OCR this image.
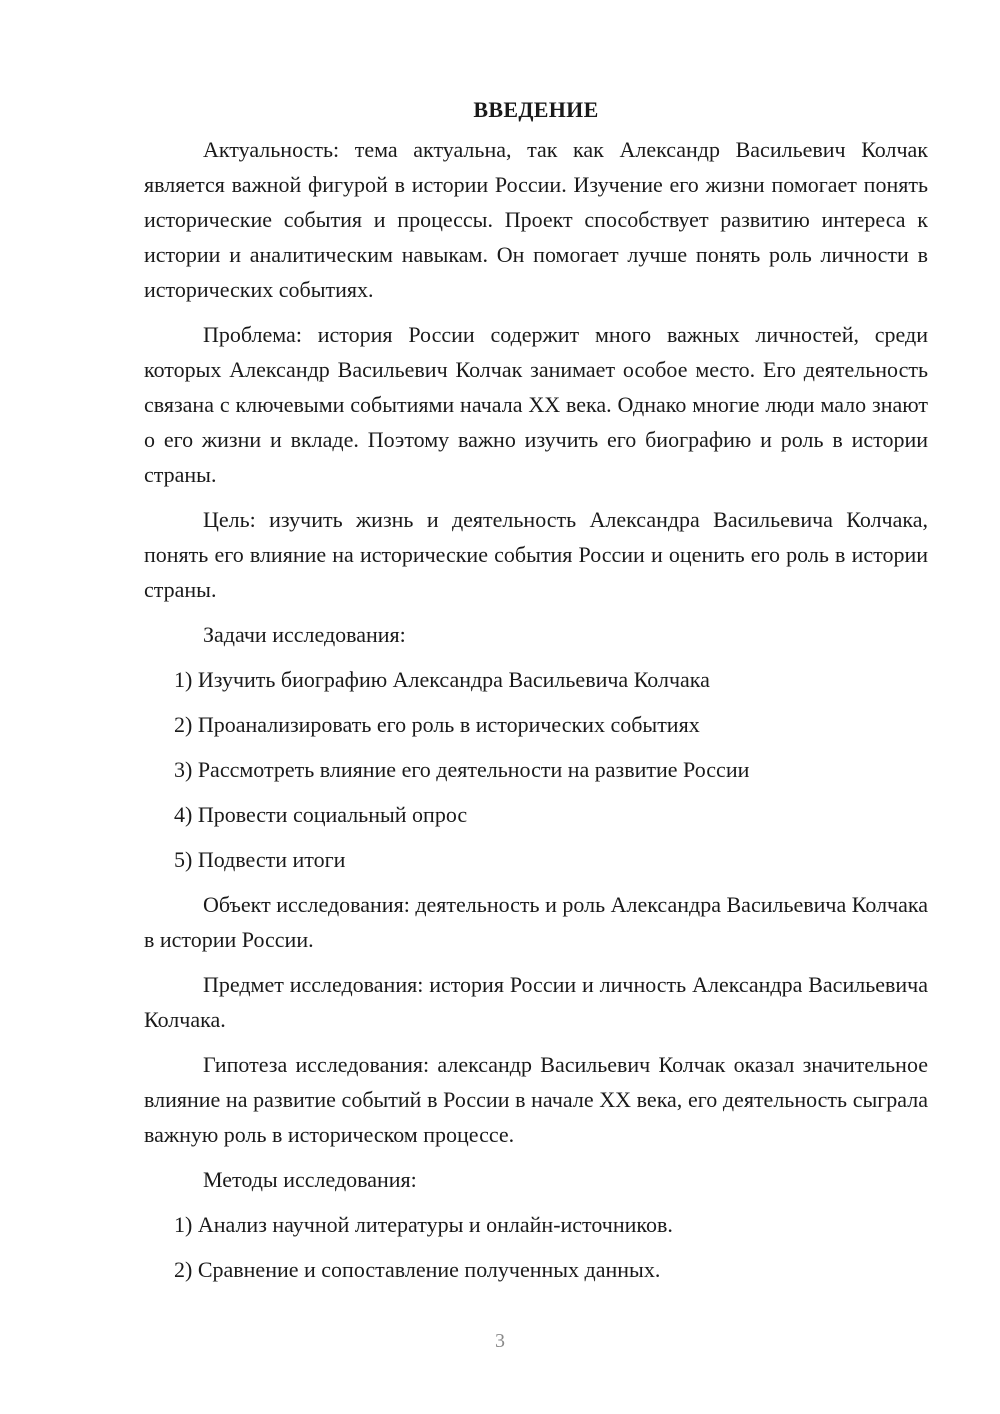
ВВЕДЕНИЕ

Актуальность: тема актуальна, так как Александр Васильевич Колчак является важной фигурой в истории России. Изучение его жизни помогает понять исторические события и процессы. Проект способствует развитию интереса к истории и аналитическим навыкам. Он помогает лучше понять роль личности в исторических событиях.

Проблема: история России содержит много важных личностей, среди которых Александр Васильевич Колчак занимает особое место. Его деятельность связана с ключевыми событиями начала XX века. Однако многие люди мало знают о его жизни и вкладе. Поэтому важно изучить его биографию и роль в истории страны.

Цель: изучить жизнь и деятельность Александра Васильевича Колчака, понять его влияние на исторические события России и оценить его роль в истории страны.

Задачи исследования:

1) Изучить биографию Александра Васильевича Колчака

2) Проанализировать его роль в исторических событиях

3) Рассмотреть влияние его деятельности на развитие России

4) Провести социальный опрос

5) Подвести итоги

Объект исследования: деятельность и роль Александра Васильевича Колчака в истории России.

Предмет исследования: история России и личность Александра Васильевича Колчака.

Гипотеза исследования: александр Васильевич Колчак оказал значительное влияние на развитие событий в России в начале XX века, его деятельность сыграла важную роль в историческом процессе.

Методы исследования:

1) Анализ научной литературы и онлайн-источников.

2) Сравнение и сопоставление полученных данных.

3
